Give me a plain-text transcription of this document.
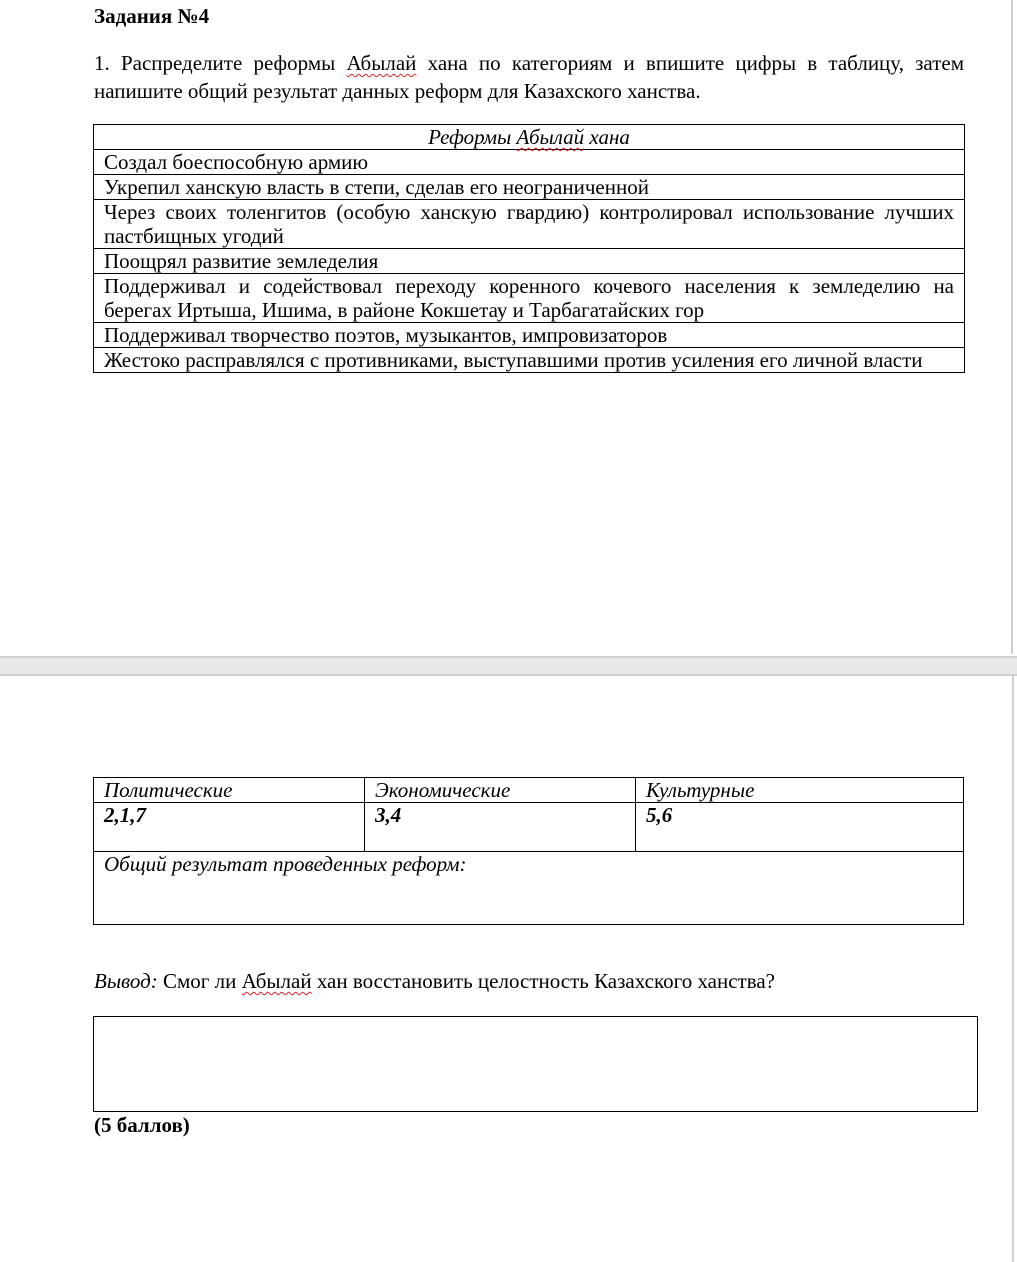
Задания №4
1. Распределите реформы Абылай хана по категориям и впишите цифры в таблицу, затем напишите общий результат данных реформ для Казахского ханства.
Реформы Абылай хана
Создал боеспособную армию
Укрепил ханскую власть в степи, сделав его неограниченной
Через своих толенгитов (особую ханскую гвардию) контролировал использование лучших пастбищных угодий
Поощрял развитие земледелия
Поддерживал и содействовал переходу коренного кочевого населения к земледелию на берегах Иртыша, Ишима, в районе Кокшетау и Тарбагатайских гор
Поддерживал творчество поэтов, музыкантов, импровизаторов
Жестоко расправлялся с противниками, выступавшими против усиления его личной власти
Политические	Экономические	Культурные
2,1,7	3,4	5,6
Общий результат проведенных реформ:		
Вывод: Смог ли Абылай хан восстановить целостность Казахского ханства?
(5 баллов)
